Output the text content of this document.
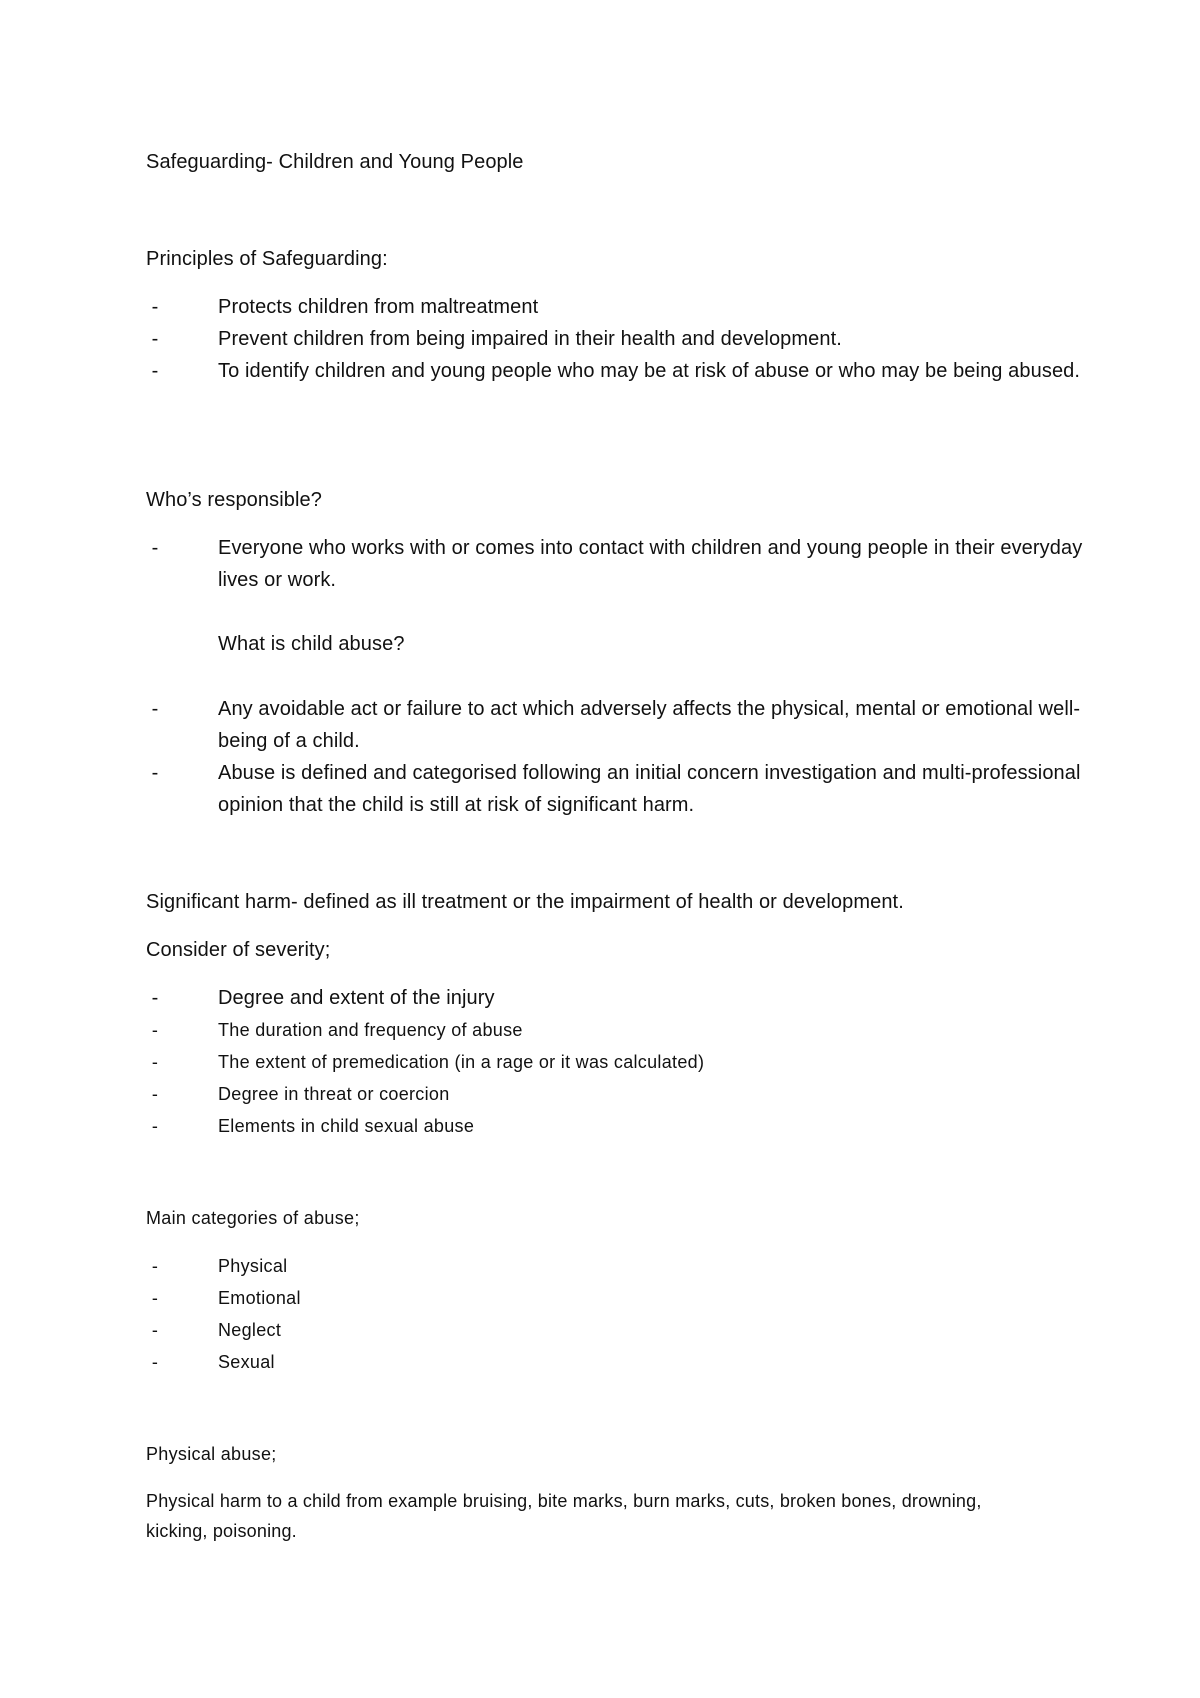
Safeguarding- Children and Young People
Principles of Safeguarding:
-	Protects children from maltreatment
-	Prevent children from being impaired in their health and development.
-	To identify children and young people who may be at risk of abuse or who may be being abused.
Who’s responsible?
-	Everyone who works with or comes into contact with children and young people in their everyday lives or work.
What is child abuse?
-	Any avoidable act or failure to act which adversely affects the physical, mental or emotional well-being of a child.
-	Abuse is defined and categorised following an initial concern investigation and multi-professional opinion that the child is still at risk of significant harm.
Significant harm- defined as ill treatment or the impairment of health or development.
Consider of severity;
-	Degree and extent of the injury
-	The duration and frequency of abuse
-	The extent of premedication (in a rage or it was calculated)
-	Degree in threat or coercion
-	Elements in child sexual abuse
Main categories of abuse;
-	Physical
-	Emotional
-	Neglect
-	Sexual
Physical abuse;
Physical harm to a child from example bruising, bite marks, burn marks, cuts, broken bones, drowning, kicking, poisoning.
